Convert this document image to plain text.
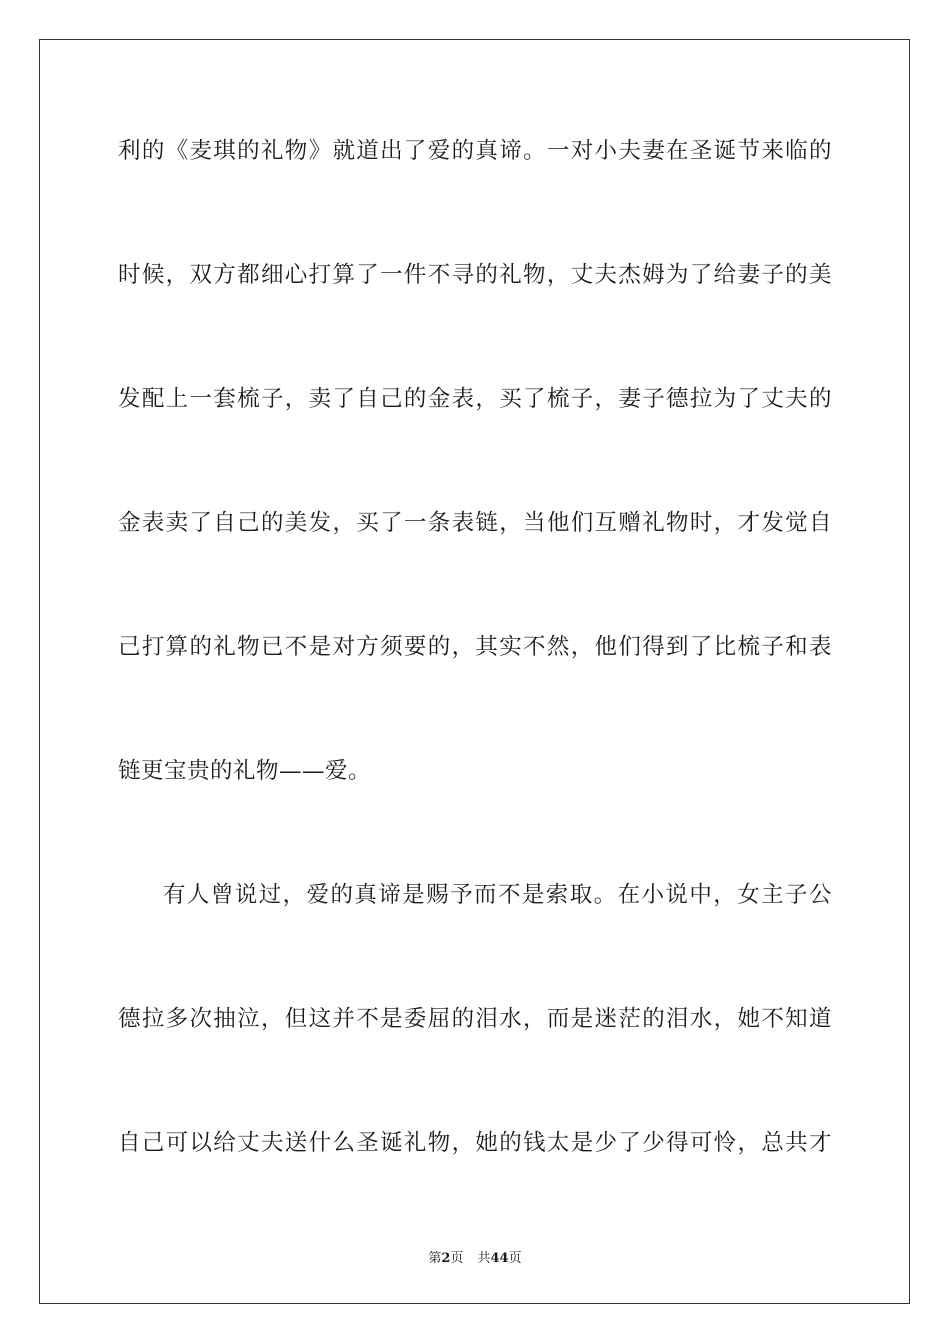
利的《麦琪的礼物》就道出了爱的真谛。一对小夫妻在圣诞节来临的
时候，双方都细心打算了一件不寻的礼物，丈夫杰姆为了给妻子的美
发配上一套梳子，卖了自己的金表，买了梳子，妻子德拉为了丈夫的
金表卖了自己的美发，买了一条表链，当他们互赠礼物时，才发觉自
己打算的礼物已不是对方须要的，其实不然，他们得到了比梳子和表
链更宝贵的礼物——爱。
有人曾说过，爱的真谛是赐予而不是索取。在小说中，女主子公
德拉多次抽泣，但这并不是委屈的泪水，而是迷茫的泪水，她不知道
自己可以给丈夫送什么圣诞礼物，她的钱太是少了少得可怜，总共才
第2页 共44页
